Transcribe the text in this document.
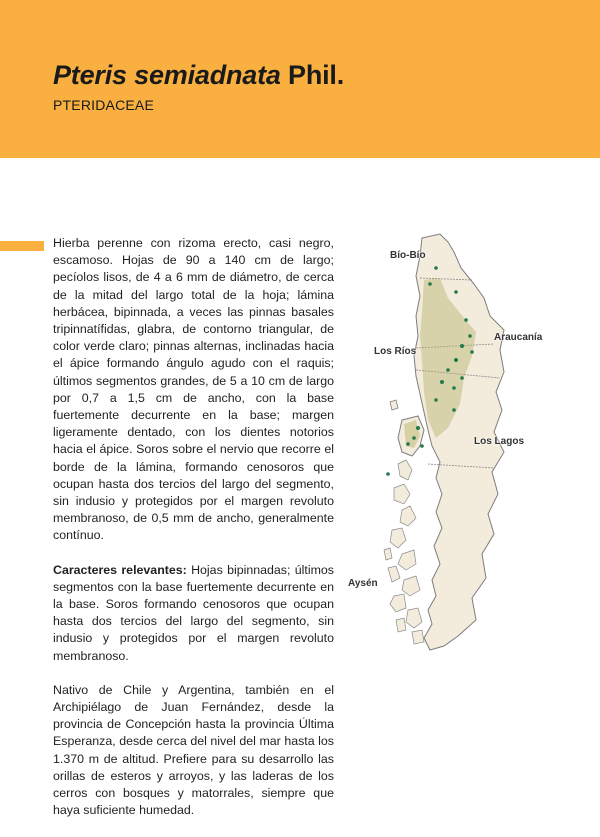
Pteris semiadnata Phil.
PTERIDACEAE

Hierba perenne con rizoma erecto, casi negro, escamoso. Hojas de 90 a 140 cm de largo; pecíolos lisos, de 4 a 6 mm de diámetro, de cerca de la mitad del largo total de la hoja; lámina herbácea, bipinnada, a veces las pinnas basales tripinnatífidas, glabra, de contorno triangular, de color verde claro; pinnas alternas, inclinadas hacia el ápice formando ángulo agudo con el raquis; últimos segmentos grandes, de 5 a 10 cm de largo por 0,7 a 1,5 cm de ancho, con la base fuertemente decurrente en la base; margen ligeramente dentado, con los dientes notorios hacia el ápice. Soros sobre el nervio que recorre el borde de la lámina, formando cenosoros que ocupan hasta dos tercios del largo del segmento, sin indusio y protegidos por el margen revoluto membranoso, de 0,5 mm de ancho, generalmente contínuo.

Caracteres relevantes: Hojas bipinnadas; últimos segmentos con la base fuertemente decurrente en la base. Soros formando cenosoros que ocupan hasta dos tercios del largo del segmento, sin indusio y protegidos por el margen revoluto membranoso.

Nativo de Chile y Argentina, también en el Archipiélago de Juan Fernández, desde la provincia de Concepción hasta la provincia Última Esperanza, desde cerca del nivel del mar hasta los 1.370 m de altitud. Prefiere para su desarrollo las orillas de esteros y arroyos, y las laderas de los cerros con bosques y matorrales, siempre que haya suficiente humedad.

Bío-Bío
Araucanía
Los Ríos
Los Lagos
Aysén
